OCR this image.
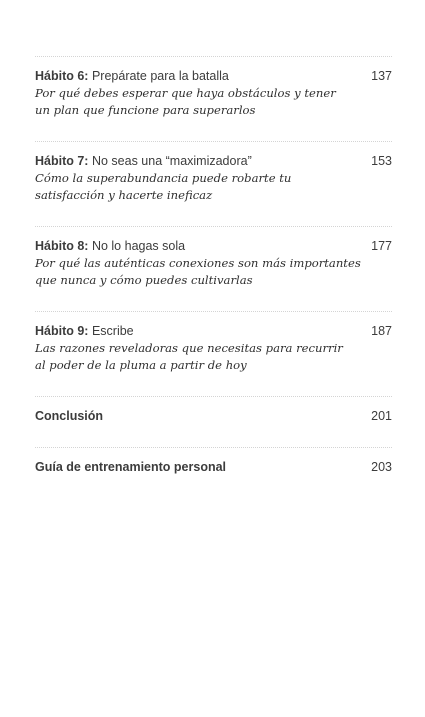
Hábito 6: Prepárate para la batalla	137
Por qué debes esperar que haya obstáculos y tener
un plan que funcione para superarlos
Hábito 7: No seas una “maximizadora”	153
Cómo la superabundancia puede robarte tu
satisfacción y hacerte ineficaz
Hábito 8: No lo hagas sola	177
Por qué las auténticas conexiones son más importantes
que nunca y cómo puedes cultivarlas
Hábito 9: Escribe	187
Las razones reveladoras que necesitas para recurrir
al poder de la pluma a partir de hoy
Conclusión	201
Guía de entrenamiento personal	203
